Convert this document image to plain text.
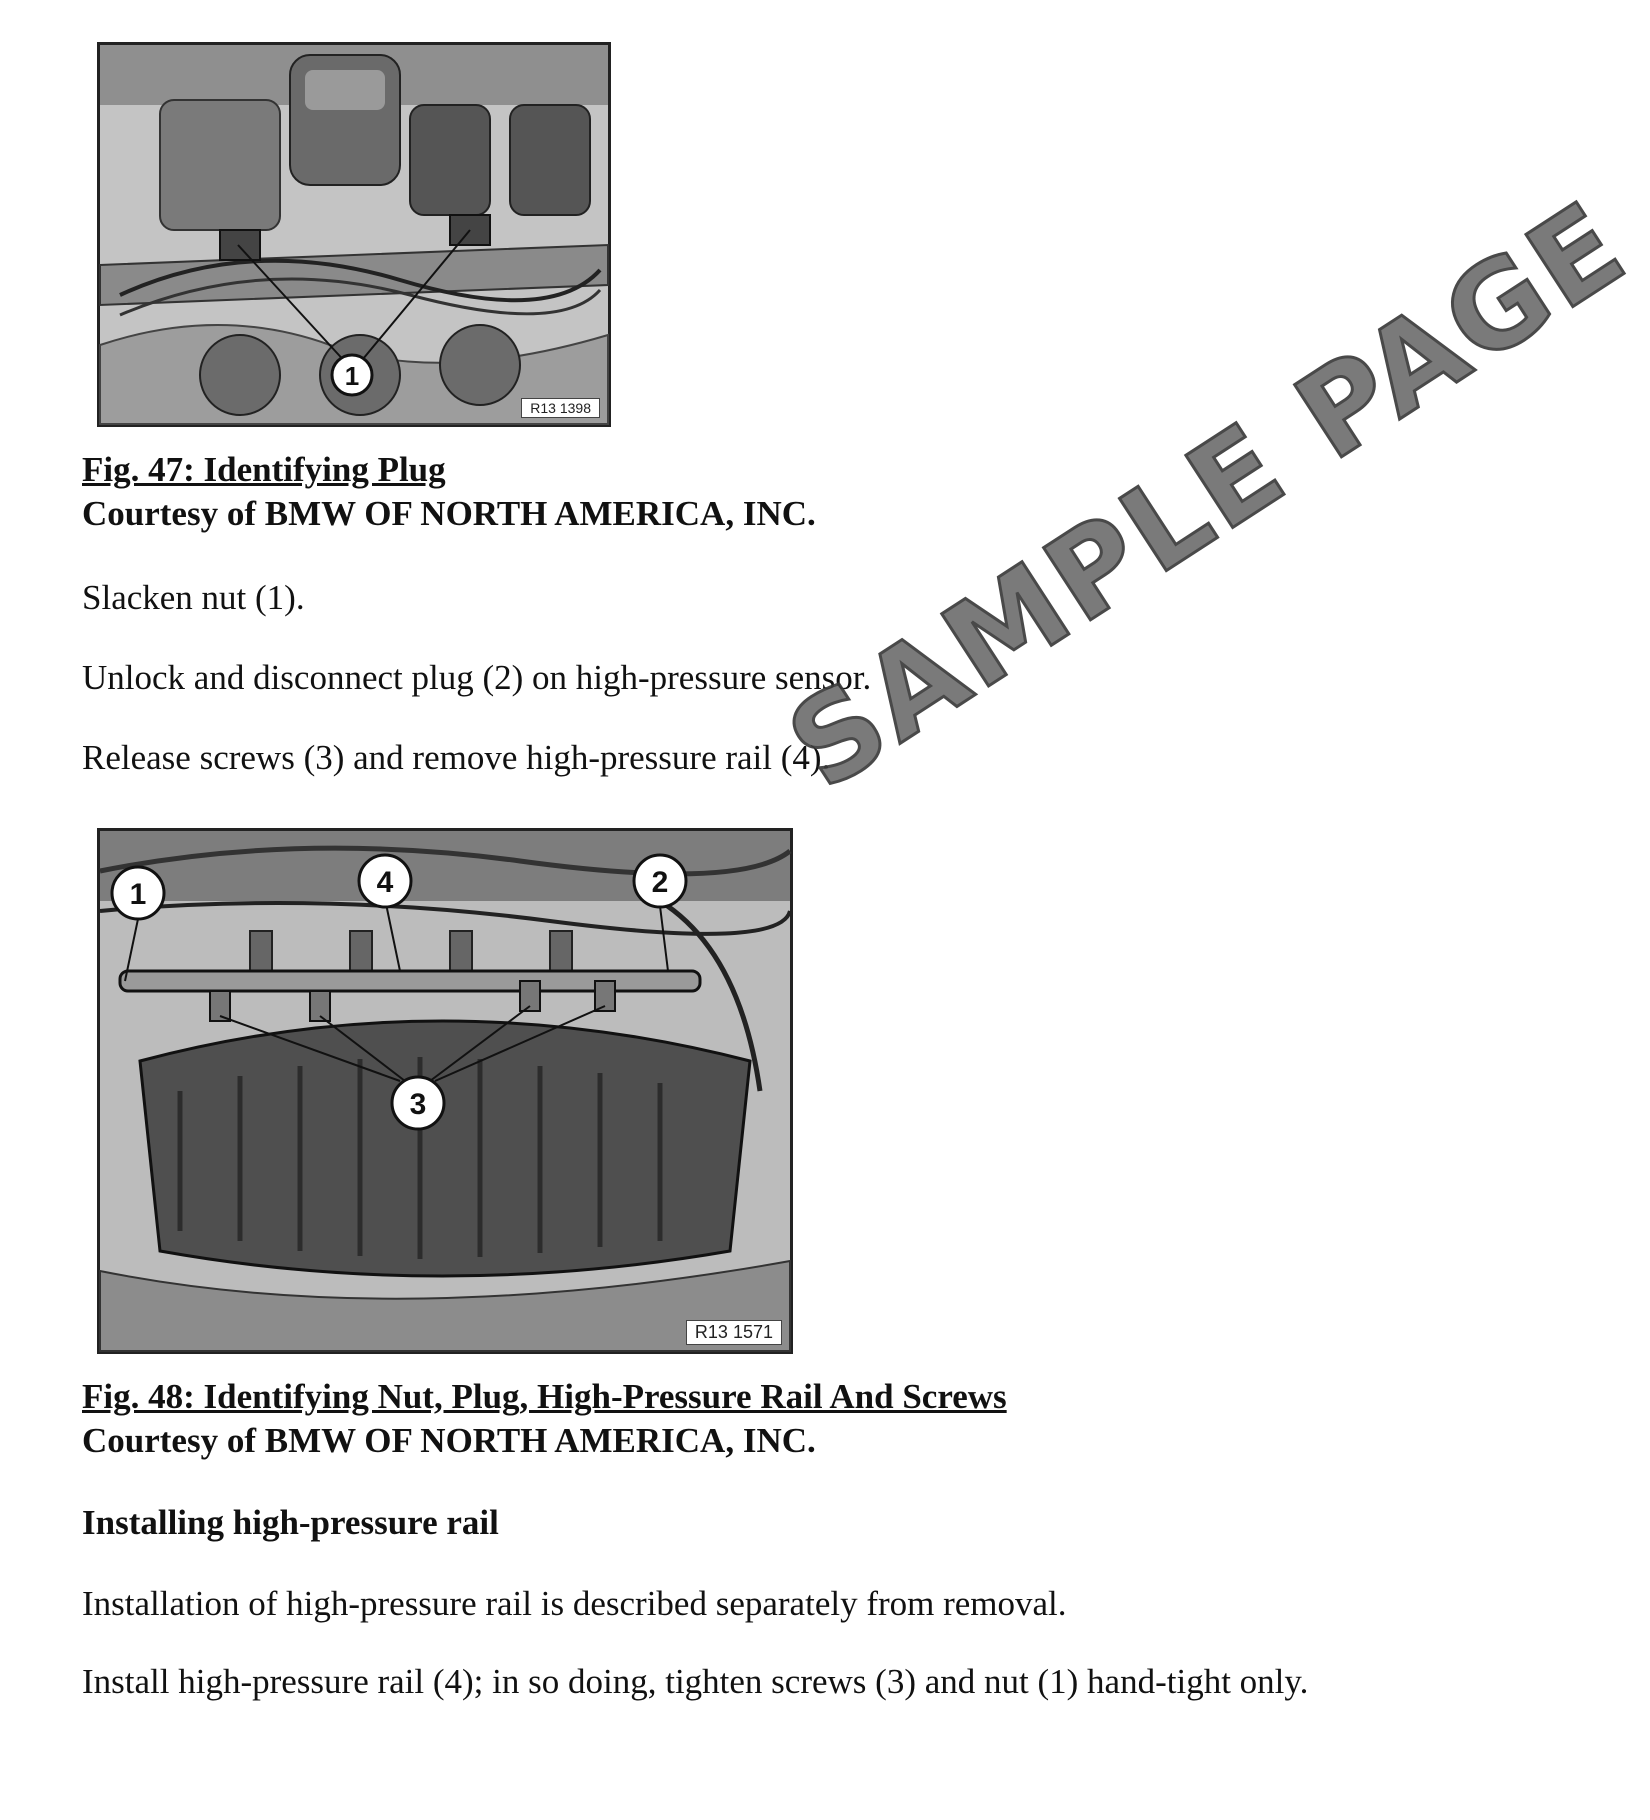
1
R13 1398
Fig. 47: Identifying Plug
Courtesy of BMW OF NORTH AMERICA, INC.

Slacken nut (1).

Unlock and disconnect plug (2) on high-pressure sensor.

Release screws (3) and remove high-pressure rail (4).

1	4	2
3
R13 1571
Fig. 48: Identifying Nut, Plug, High-Pressure Rail And Screws
Courtesy of BMW OF NORTH AMERICA, INC.

Installing high-pressure rail

Installation of high-pressure rail is described separately from removal.

Install high-pressure rail (4); in so doing, tighten screws (3) and nut (1) hand-tight only.

SAMPLE PAGE
